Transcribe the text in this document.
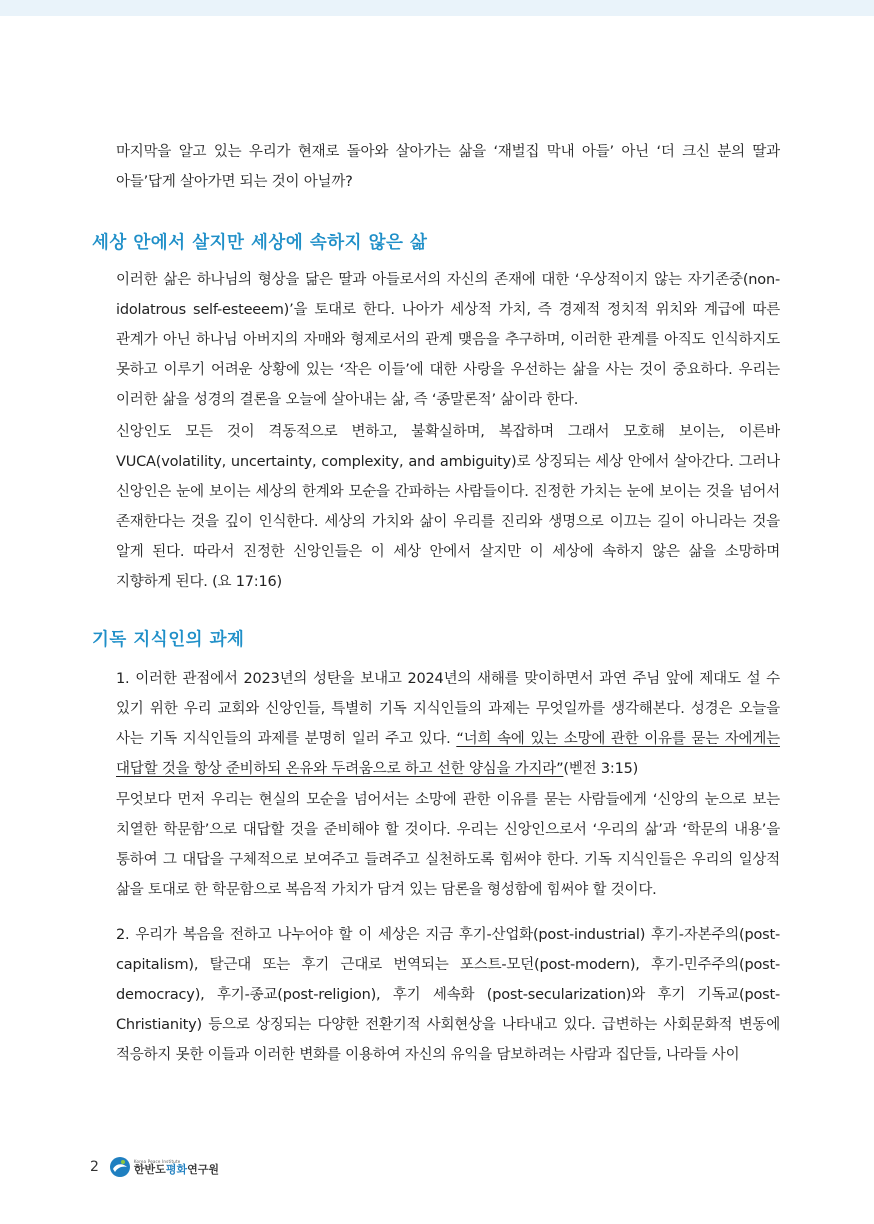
마지막을 알고 있는 우리가 현재로 돌아와 살아가는 삶을 ‘재벌집 막내 아들’ 아닌 ‘더 크신 분의 딸과 아들’답게 살아가면 되는 것이 아닐까?

세상 안에서 살지만 세상에 속하지 않은 삶

이러한 삶은 하나님의 형상을 닮은 딸과 아들로서의 자신의 존재에 대한 ‘우상적이지 않는 자기존중(non-idolatrous self-esteeem)’을 토대로 한다. 나아가 세상적 가치, 즉 경제적 정치적 위치와 계급에 따른 관계가 아닌 하나님 아버지의 자매와 형제로서의 관계 맺음을 추구하며, 이러한 관계를 아직도 인식하지도 못하고 이루기 어려운 상황에 있는 ‘작은 이들’에 대한 사랑을 우선하는 삶을 사는 것이 중요하다. 우리는 이러한 삶을 성경의 결론을 오늘에 살아내는 삶, 즉 ‘종말론적’ 삶이라 한다.

신앙인도 모든 것이 격동적으로 변하고, 불확실하며, 복잡하며 그래서 모호해 보이는, 이른바 VUCA(volatility, uncertainty, complexity, and ambiguity)로 상징되는 세상 안에서 살아간다. 그러나 신앙인은 눈에 보이는 세상의 한계와 모순을 간파하는 사람들이다. 진정한 가치는 눈에 보이는 것을 넘어서 존재한다는 것을 깊이 인식한다. 세상의 가치와 삶이 우리를 진리와 생명으로 이끄는 길이 아니라는 것을 알게 된다. 따라서 진정한 신앙인들은 이 세상 안에서 살지만 이 세상에 속하지 않은 삶을 소망하며 지향하게 된다. (요 17:16)

기독 지식인의 과제

1. 이러한 관점에서 2023년의 성탄을 보내고 2024년의 새해를 맞이하면서 과연 주님 앞에 제대도 설 수 있기 위한 우리 교회와 신앙인들, 특별히 기독 지식인들의 과제는 무엇일까를 생각해본다. 성경은 오늘을 사는 기독 지식인들의 과제를 분명히 일러 주고 있다. “너희 속에 있는 소망에 관한 이유를 묻는 자에게는 대답할 것을 항상 준비하되 온유와 두려움으로 하고 선한 양심을 가지라”(벧전 3:15)

무엇보다 먼저 우리는 현실의 모순을 넘어서는 소망에 관한 이유를 묻는 사람들에게 ‘신앙의 눈으로 보는 치열한 학문함’으로 대답할 것을 준비해야 할 것이다. 우리는 신앙인으로서 ‘우리의 삶’과 ‘학문의 내용’을 통하여 그 대답을 구체적으로 보여주고 들려주고 실천하도록 힘써야 한다. 기독 지식인들은 우리의 일상적 삶을 토대로 한 학문함으로 복음적 가치가 담겨 있는 담론을 형성함에 힘써야 할 것이다.

2. 우리가 복음을 전하고 나누어야 할 이 세상은 지금 후기-산업화(post-industrial) 후기-자본주의(post-capitalism), 탈근대 또는 후기 근대로 번역되는 포스트-모던(post-modern), 후기-민주주의(post-democracy), 후기-종교(post-religion), 후기 세속화 (post-secularization)와 후기 기독교(post-Christianity) 등으로 상징되는 다양한 전환기적 사회현상을 나타내고 있다. 급변하는 사회문화적 변동에 적응하지 못한 이들과 이러한 변화를 이용하여 자신의 유익을 담보하려는 사람과 집단들, 나라들 사이

2	Korea Peace Institute
한반도평화연구원
